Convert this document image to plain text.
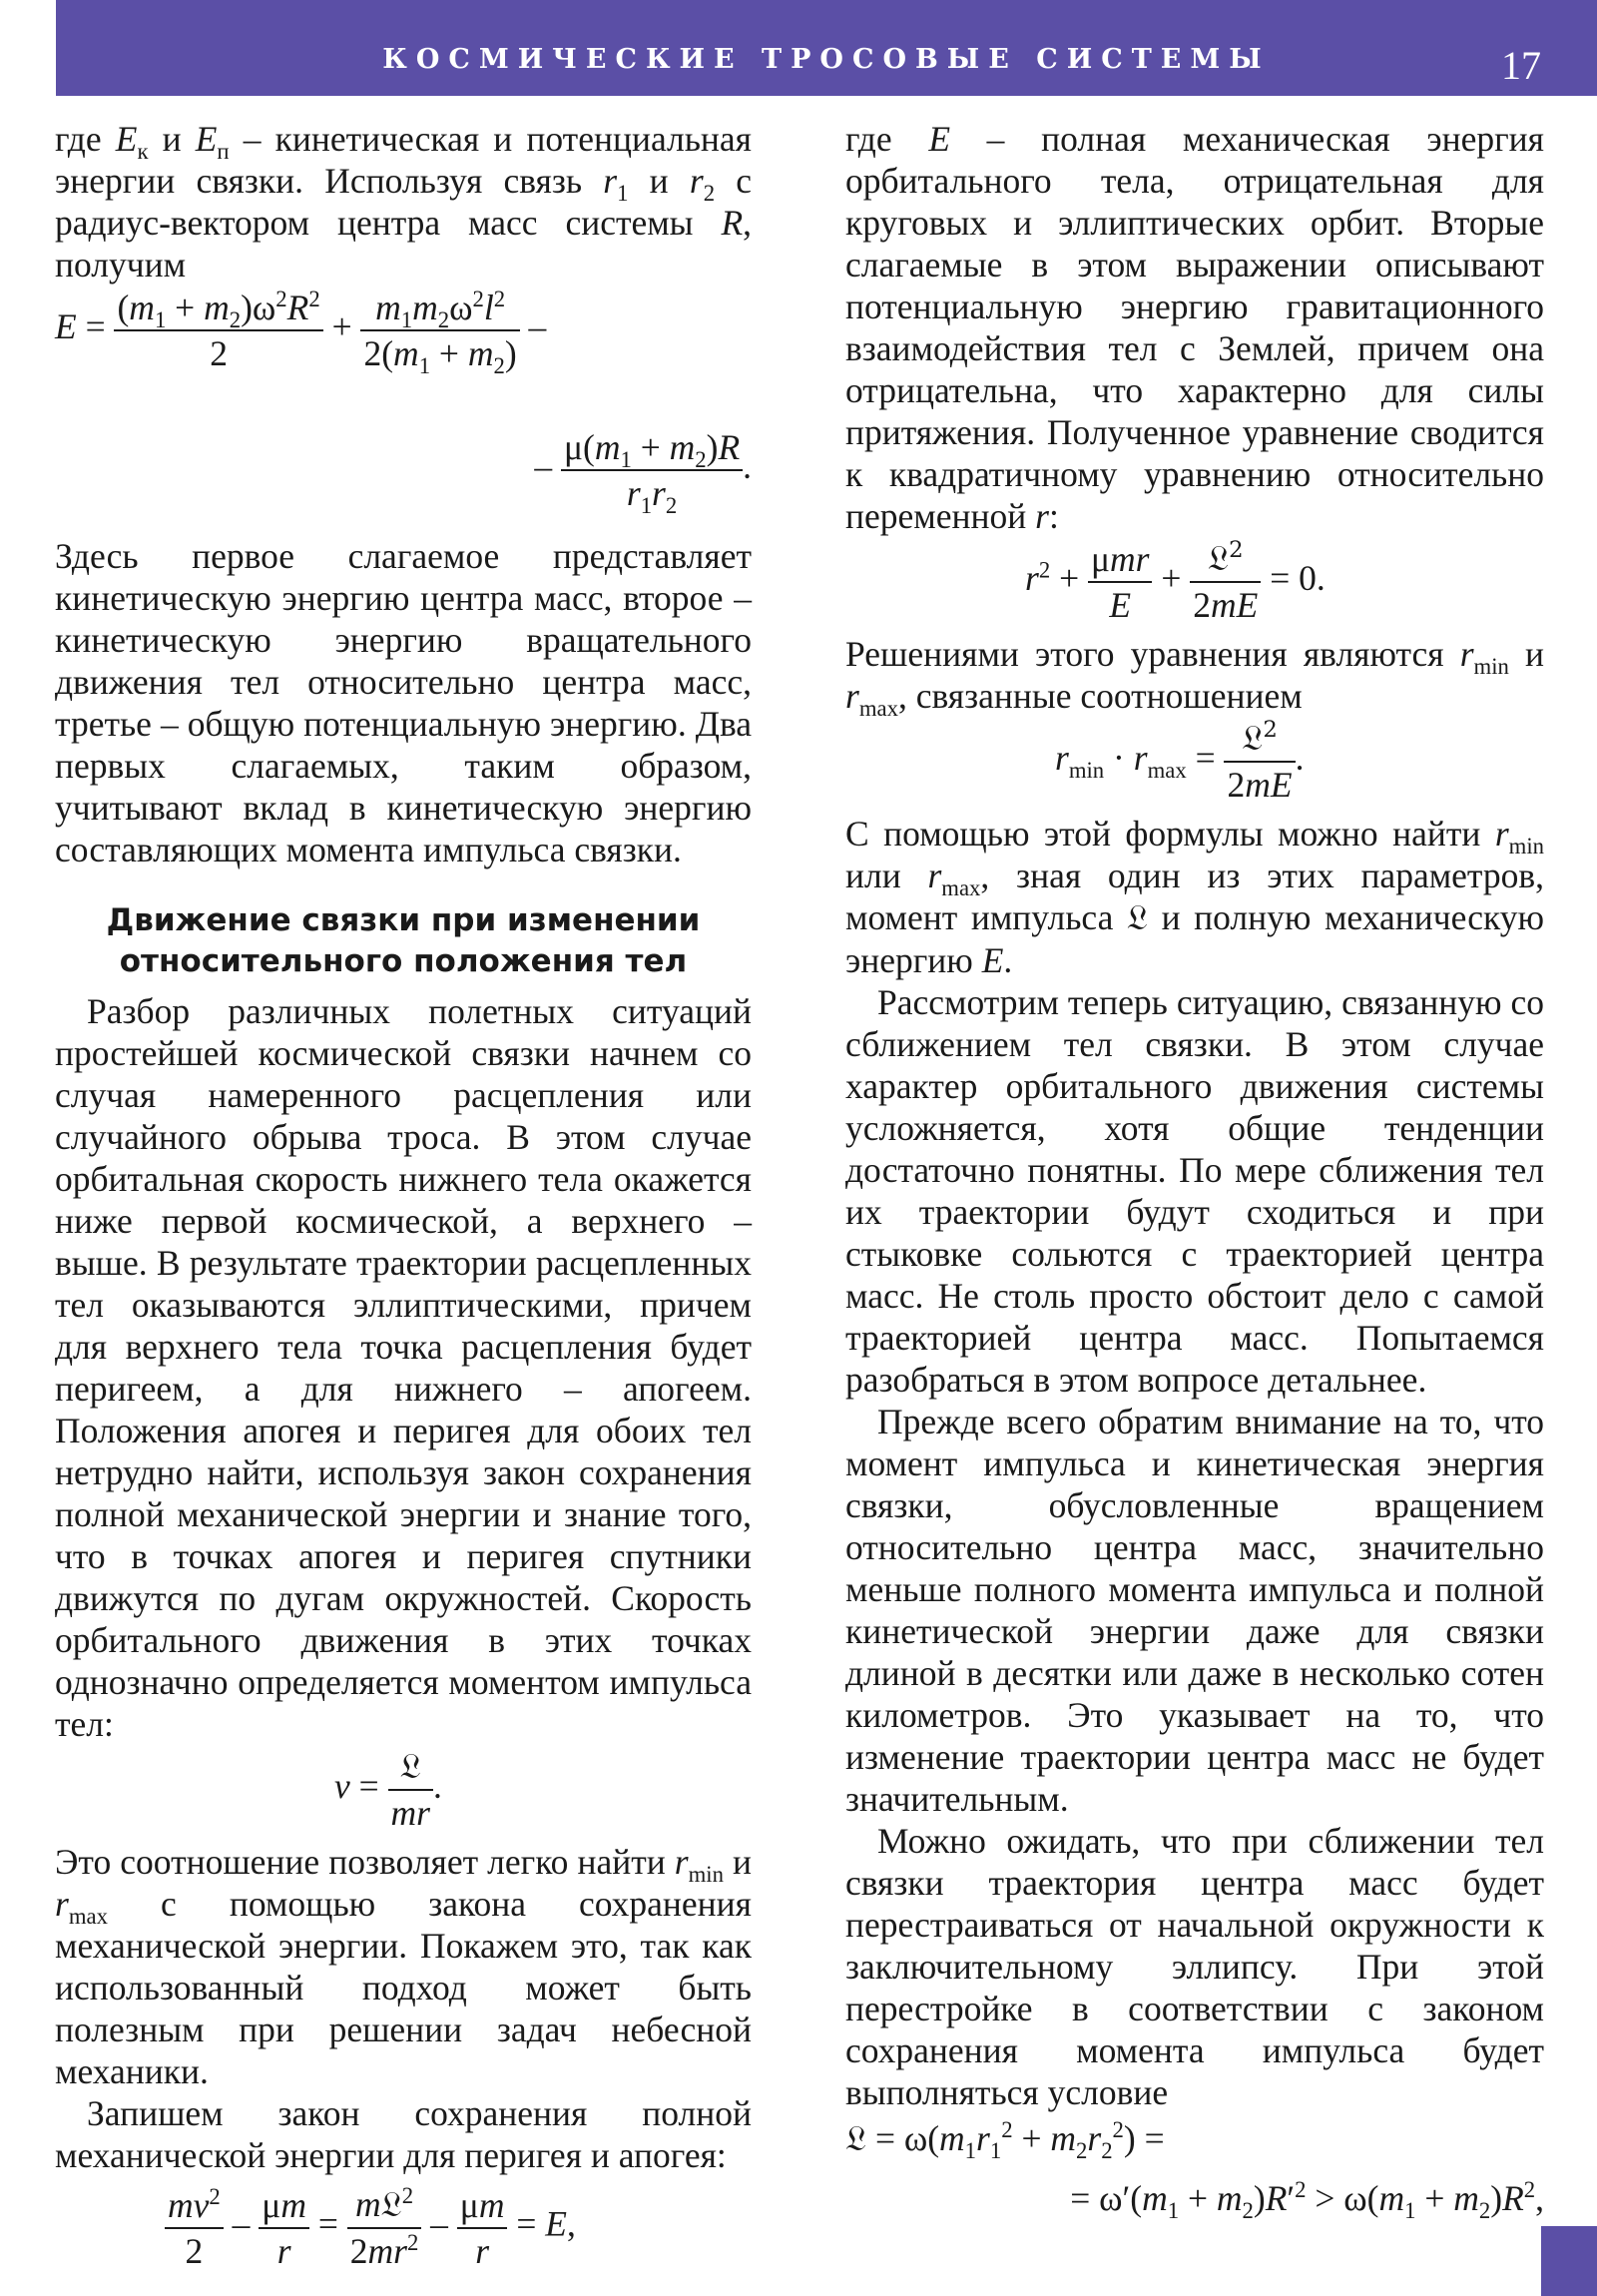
КОСМИЧЕСКИЕ ТРОСОВЫЕ СИСТЕМЫ	17

где $E_к$ и $E_п$ – кинетическая и потенциальная энергии связки. Используя связь $r_1$ и $r_2$ с радиус-вектором центра масс системы R, получим

$E = \frac{(m_1 + m_2)\omega^2R^2}{2} + \frac{m_1m_2\omega^2l^2}{2(m_1 + m_2)}$ –
– $\frac{\mu(m_1 + m_2)R}{r_1r_2}$ .

Здесь первое слагаемое представляет кинетическую энергию центра масс, второе – кинетическую энергию вращательного движения тел относительно центра масс, третье – общую потенциальную энергию. Два первых слагаемых, таким образом, учитывают вклад в кинетическую энергию составляющих момента импульса связки.

Движение связки при изменении относительного положения тел

Разбор различных полетных ситуаций простейшей космической связки начнем со случая намеренного расцепления или случайного обрыва троса. В этом случае орбитальная скорость нижнего тела окажется ниже первой космической, а верхнего – выше. В результате траектории расцепленных тел оказываются эллиптическими, причем для верхнего тела точка расцепления будет перигеем, а для нижнего – апогеем. Положения апогея и перигея для обоих тел нетрудно найти, используя закон сохранения полной механической энергии и знание того, что в точках апогея и перигея спутники движутся по дугам окружностей. Скорость орбитального движения в этих точках однозначно определяется моментом импульса тел:

$v = \frac{\text{𝔏}}{mr}$ .

Это соотношение позволяет легко найти $r_{min}$ и $r_{max}$ с помощью закона сохранения механической энергии. Покажем это, так как использованный подход может быть полезным при решении задач небесной механики.

Запишем закон сохранения полной механической энергии для перигея и апогея:

$\frac{mv^2}{2} - \frac{\mu m}{r} = \frac{m𝔏^2}{2mr^2} - \frac{\mu m}{r} = E$,

где E – полная механическая энергия орбитального тела, отрицательная для круговых и эллиптических орбит. Вторые слагаемые в этом выражении описывают потенциальную энергию гравитационного взаимодействия тел с Землей, причем она отрицательна, что характерно для силы притяжения. Полученное уравнение сводится к квадратичному уравнению относительно переменной r:

$r^2 + \frac{\text{μmr}}{E} + \frac{𝔏^2}{2mE} = 0$.

Решениями этого уравнения являются $r_{min}$ и $r_{max}$, связанные соотношением

$r_{min} \cdot r_{max} = \frac{𝔏^2}{2mE}$ .

С помощью этой формулы можно найти $r_{min}$ или $r_{max}$, зная один из этих параметров, момент импульса 𝔏 и полную механическую энергию E.

Рассмотрим теперь ситуацию, связанную со сближением тел связки. В этом случае характер орбитального движения системы усложняется, хотя общие тенденции достаточно понятны. По мере сближения тел их траектории будут сходиться и при стыковке сольются с траекторией центра масс. Не столь просто обстоит дело с самой траекторией центра масс. Попытаемся разобраться в этом вопросе детальнее.

Прежде всего обратим внимание на то, что момент импульса и кинетическая энергия связки, обусловленные вращением относительно центра масс, значительно меньше полного момента импульса и полной кинетической энергии даже для связки длиной в десятки или даже в несколько сотен километров. Это указывает на то, что изменение траектории центра масс не будет значительным.

Можно ожидать, что при сближении тел связки траектория центра масс будет перестраиваться от начальной окружности к заключительному эллипсу. При этой перестройке в соответствии с законом сохранения момента импульса будет выполняться условие

𝔏 = $\omega(m_1r_1^2 + m_2r_2^2)$ =
= $\omega'(m_1 + m_2)R'^2 > \omega(m_1 + m_2)R^2$,
